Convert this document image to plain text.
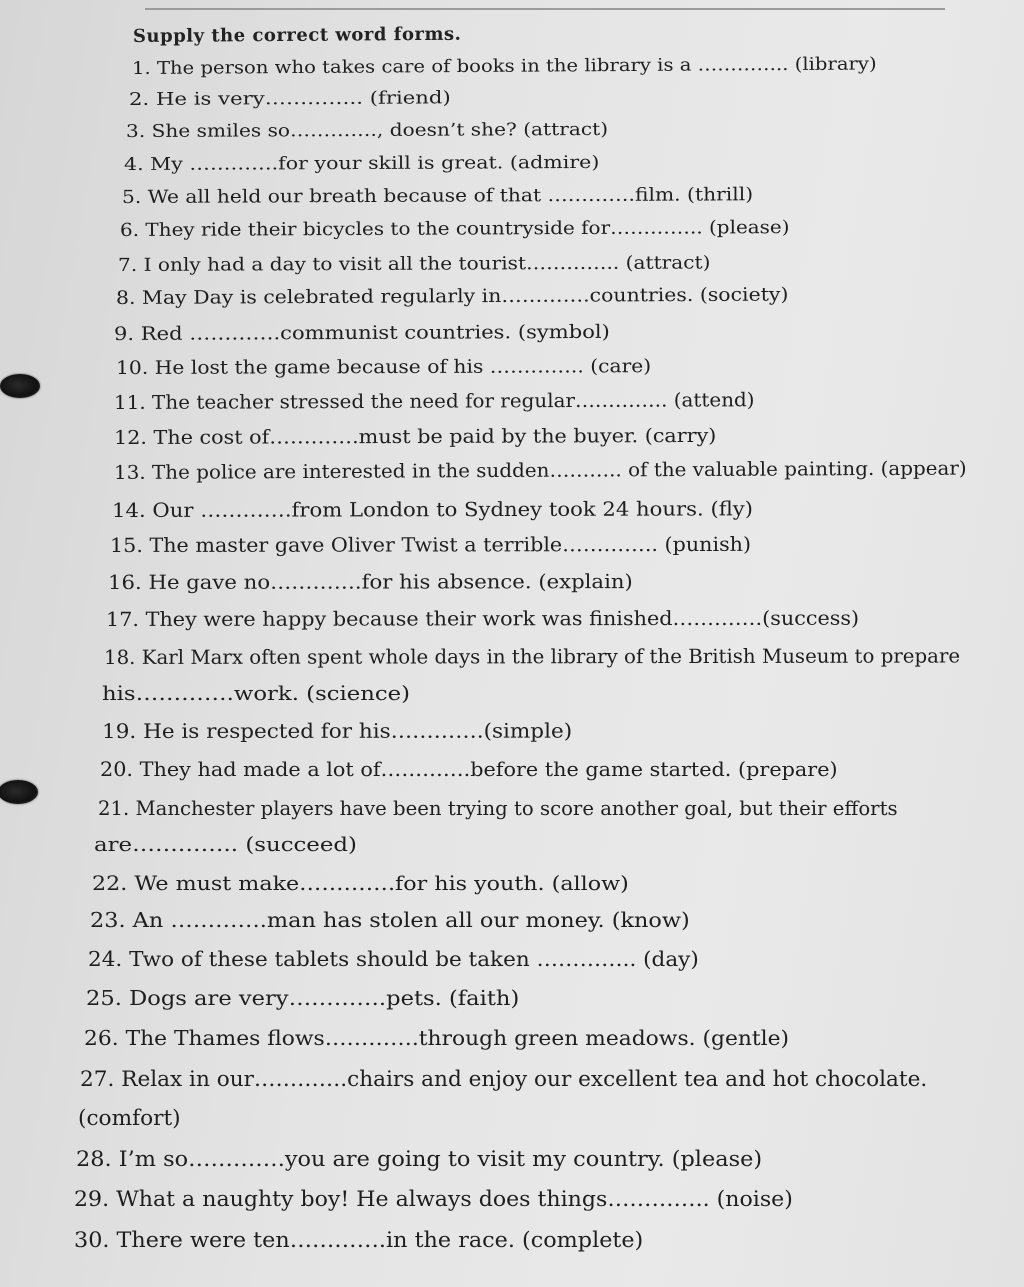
Supply the correct word forms.
1. The person who takes care of books in the library is a ………….. (library)
2. He is very………….. (friend)
3. She smiles so…………., doesn’t she? (attract)
4. My ………….for your skill is great. (admire)
5. We all held our breath because of that ………….film. (thrill)
6. They ride their bicycles to the countryside for………….. (please)
7. I only had a day to visit all the tourist………….. (attract)
8. May Day is celebrated regularly in………….countries. (society)
9. Red ………….communist countries. (symbol)
10. He lost the game because of his ………….. (care)
11. The teacher stressed the need for regular………….. (attend)
12. The cost of………….must be paid by the buyer. (carry)
13. The police are interested in the sudden……….. of the valuable painting. (appear)
14. Our ………….from London to Sydney took 24 hours. (fly)
15. The master gave Oliver Twist a terrible………….. (punish)
16. He gave no………….for his absence. (explain)
17. They were happy because their work was finished………….(success)
18. Karl Marx often spent whole days in the library of the British Museum to prepare
his………….work. (science)
19. He is respected for his………….(simple)
20. They had made a lot of………….before the game started. (prepare)
21. Manchester players have been trying to score another goal, but their efforts
are………….. (succeed)
22. We must make………….for his youth. (allow)
23. An ………….man has stolen all our money. (know)
24. Two of these tablets should be taken ………….. (day)
25. Dogs are very………….pets. (faith)
26. The Thames flows………….through green meadows. (gentle)
27. Relax in our………….chairs and enjoy our excellent tea and hot chocolate.
(comfort)
28. I’m so………….you are going to visit my country. (please)
29. What a naughty boy! He always does things………….. (noise)
30. There were ten………….in the race. (complete)
